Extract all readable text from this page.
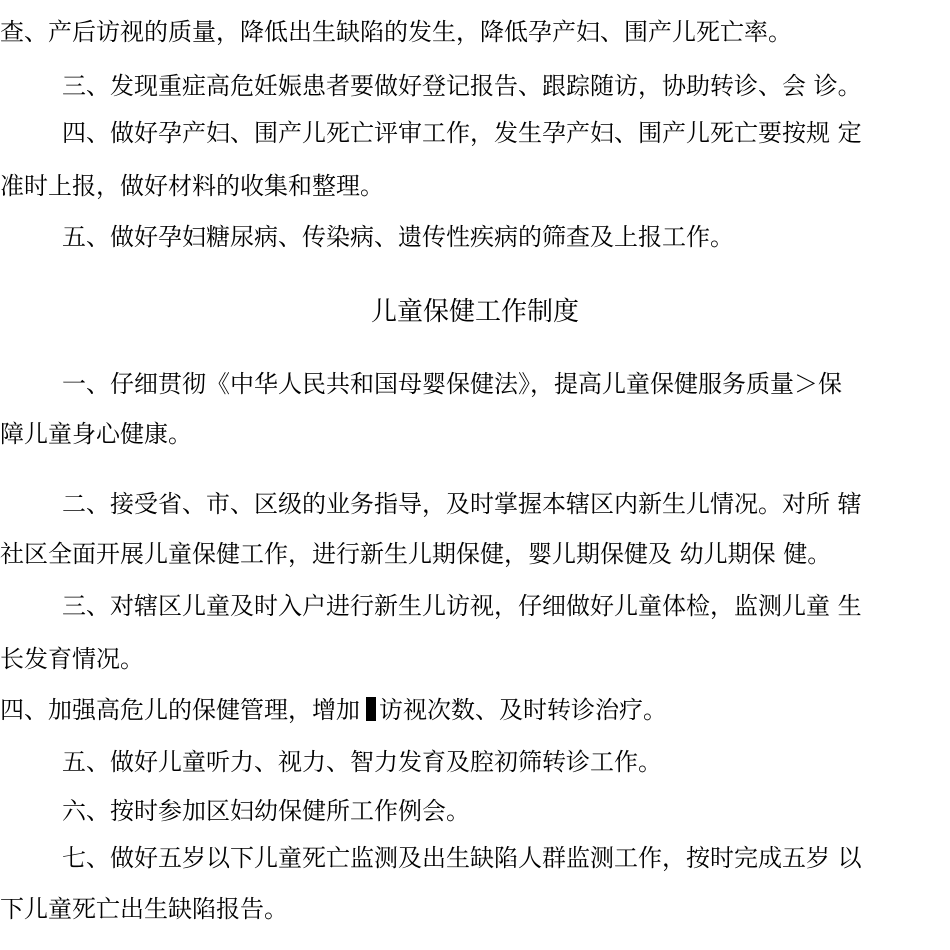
查、产后访视的质量，降低出生缺陷的发生，降低孕产妇、围产儿死亡率。
三、发现重症高危妊娠患者要做好登记报告、跟踪随访，协助转诊、会 诊。
四、做好孕产妇、围产儿死亡评审工作，发生孕产妇、围产儿死亡要按规 定
准时上报，做好材料的收集和整理。
五、做好孕妇糖尿病、传染病、遗传性疾病的筛查及上报工作。
儿童保健工作制度
一、仔细贯彻《中华人民共和国母婴保健法》，提高儿童保健服务质量＞保
障儿童身心健康。
二、接受省、市、区级的业务指导，及时掌握本辖区内新生儿情况。对所 辖
社区全面开展儿童保健工作，进行新生儿期保健，婴儿期保健及 幼儿期保 健。
三、对辖区儿童及时入户进行新生儿访视，仔细做好儿童体检，监测儿童 生
长发育情况。
四、加强高危儿的保健管理，增加 访视次数、及时转诊治疗。
五、做好儿童听力、视力、智力发育及腔初筛转诊工作。
六、按时参加区妇幼保健所工作例会。
七、做好五岁以下儿童死亡监测及出生缺陷人群监测工作，按时完成五岁 以
下儿童死亡出生缺陷报告。
